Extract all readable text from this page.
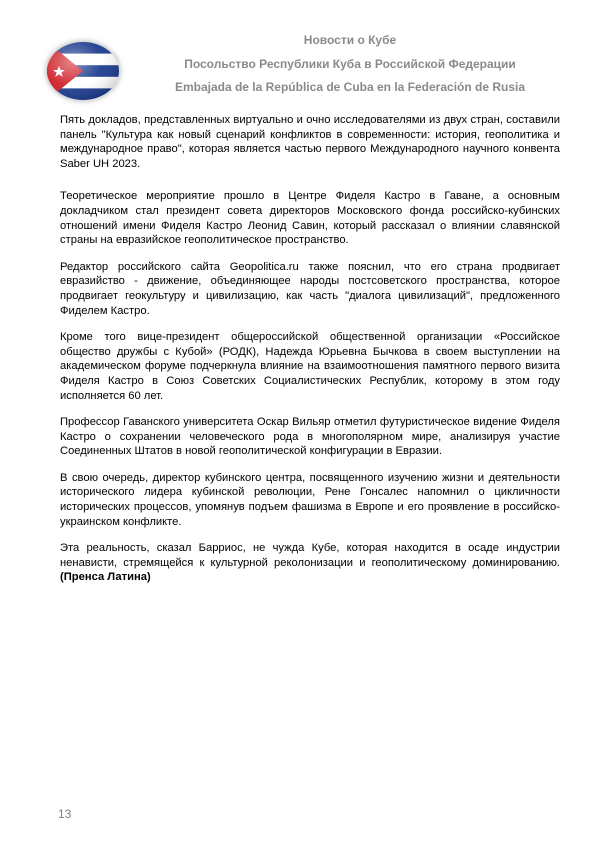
Новости о Кубе
Посольство Республики Куба в Российской Федерации
Embajada de la República de Cuba en la Federación de Rusia

Пять докладов, представленных виртуально и очно исследователями из двух стран, составили панель "Культура как новый сценарий конфликтов в современности: история, геополитика и международное право", которая является частью первого Международного научного конвента Saber UH 2023.

Теоретическое мероприятие прошло в Центре Фиделя Кастро в Гаване, а основным докладчиком стал президент совета директоров Московского фонда российско-кубинских отношений имени Фиделя Кастро Леонид Савин, который рассказал о влиянии славянской страны на евразийское геополитическое пространство.

Редактор российского сайта Geopolitica.ru также пояснил, что его страна продвигает евразийство - движение, объединяющее народы постсоветского пространства, которое продвигает геокультуру и цивилизацию, как часть "диалога цивилизаций", предложенного Фиделем Кастро.

Кроме того вице-президент общероссийской общественной организации «Российское общество дружбы с Кубой» (РОДК), Надежда Юрьевна Бычкова в своем выступлении на академическом форуме подчеркнула влияние на взаимоотношения памятного первого визита Фиделя Кастро в Союз Советских Социалистических Республик, которому в этом году исполняется 60 лет.

Профессор Гаванского университета Оскар Вильяр отметил футуристическое видение Фиделя Кастро о сохранении человеческого рода в многополярном мире, анализируя участие Соединенных Штатов в новой геополитической конфигурации в Евразии.

В свою очередь, директор кубинского центра, посвященного изучению жизни и деятельности исторического лидера кубинской революции, Рене Гонсалес напомнил о цикличности исторических процессов, упомянув подъем фашизма в Европе и его проявление в российско-украинском конфликте.

Эта реальность, сказал Барриос, не чужда Кубе, которая находится в осаде индустрии ненависти, стремящейся к культурной реколонизации и геополитическому доминированию. (Пренса Латина)

13
